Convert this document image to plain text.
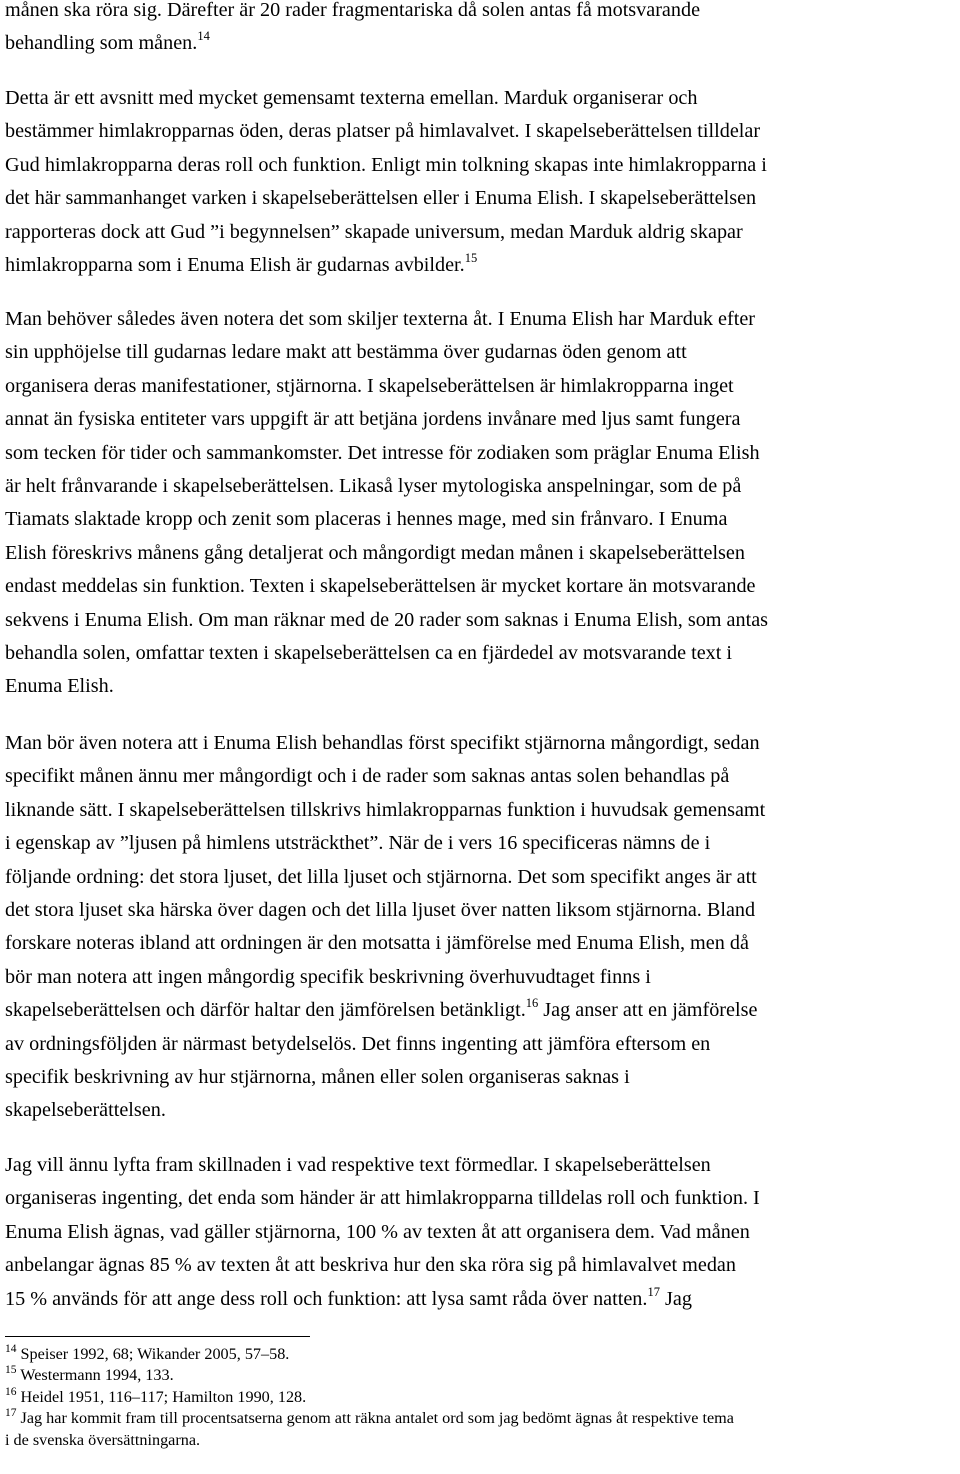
månen ska röra sig. Därefter är 20 rader fragmentariska då solen antas få motsvarande
behandling som månen.$^{14}$
Detta är ett avsnitt med mycket gemensamt texterna emellan. Marduk organiserar och
bestämmer himlakropparnas öden, deras platser på himlavalvet. I skapelseberättelsen tilldelar
Gud himlakropparna deras roll och funktion. Enligt min tolkning skapas inte himlakropparna i
det här sammanhanget varken i skapelseberättelsen eller i Enuma Elish. I skapelseberättelsen
rapporteras dock att Gud ”i begynnelsen” skapade universum, medan Marduk aldrig skapar
himlakropparna som i Enuma Elish är gudarnas avbilder.$^{15}$
Man behöver således även notera det som skiljer texterna åt. I Enuma Elish har Marduk efter
sin upphöjelse till gudarnas ledare makt att bestämma över gudarnas öden genom att
organisera deras manifestationer, stjärnorna. I skapelseberättelsen är himlakropparna inget
annat än fysiska entiteter vars uppgift är att betjäna jordens invånare med ljus samt fungera
som tecken för tider och sammankomster. Det intresse för zodiaken som präglar Enuma Elish
är helt frånvarande i skapelseberättelsen. Likaså lyser mytologiska anspelningar, som de på
Tiamats slaktade kropp och zenit som placeras i hennes mage, med sin frånvaro. I Enuma
Elish föreskrivs månens gång detaljerat och mångordigt medan månen i skapelseberättelsen
endast meddelas sin funktion. Texten i skapelseberättelsen är mycket kortare än motsvarande
sekvens i Enuma Elish. Om man räknar med de 20 rader som saknas i Enuma Elish, som antas
behandla solen, omfattar texten i skapelseberättelsen ca en fjärdedel av motsvarande text i
Enuma Elish.
Man bör även notera att i Enuma Elish behandlas först specifikt stjärnorna mångordigt, sedan
specifikt månen ännu mer mångordigt och i de rader som saknas antas solen behandlas på
liknande sätt. I skapelseberättelsen tillskrivs himlakropparnas funktion i huvudsak gemensamt
i egenskap av ”ljusen på himlens utsträckthet”. När de i vers 16 specificeras nämns de i
följande ordning: det stora ljuset, det lilla ljuset och stjärnorna. Det som specifikt anges är att
det stora ljuset ska härska över dagen och det lilla ljuset över natten liksom stjärnorna. Bland
forskare noteras ibland att ordningen är den motsatta i jämförelse med Enuma Elish, men då
bör man notera att ingen mångordig specifik beskrivning överhuvudtaget finns i
skapelseberättelsen och därför haltar den jämförelsen betänkligt.$^{16}$ Jag anser att en jämförelse
av ordningsföljden är närmast betydelselös. Det finns ingenting att jämföra eftersom en
specifik beskrivning av hur stjärnorna, månen eller solen organiseras saknas i
skapelseberättelsen.
Jag vill ännu lyfta fram skillnaden i vad respektive text förmedlar. I skapelseberättelsen
organiseras ingenting, det enda som händer är att himlakropparna tilldelas roll och funktion. I
Enuma Elish ägnas, vad gäller stjärnorna, 100 % av texten åt att organisera dem. Vad månen
anbelangar ägnas 85 % av texten åt att beskriva hur den ska röra sig på himlavalvet medan
15 % används för att ange dess roll och funktion: att lysa samt råda över natten.$^{17}$ Jag
$^{14}$ Speiser 1992, 68; Wikander 2005, 57–58.
$^{15}$ Westermann 1994, 133.
$^{16}$ Heidel 1951, 116–117; Hamilton 1990, 128.
$^{17}$ Jag har kommit fram till procentsatserna genom att räkna antalet ord som jag bedömt ägnas åt respektive tema
i de svenska översättningarna.
